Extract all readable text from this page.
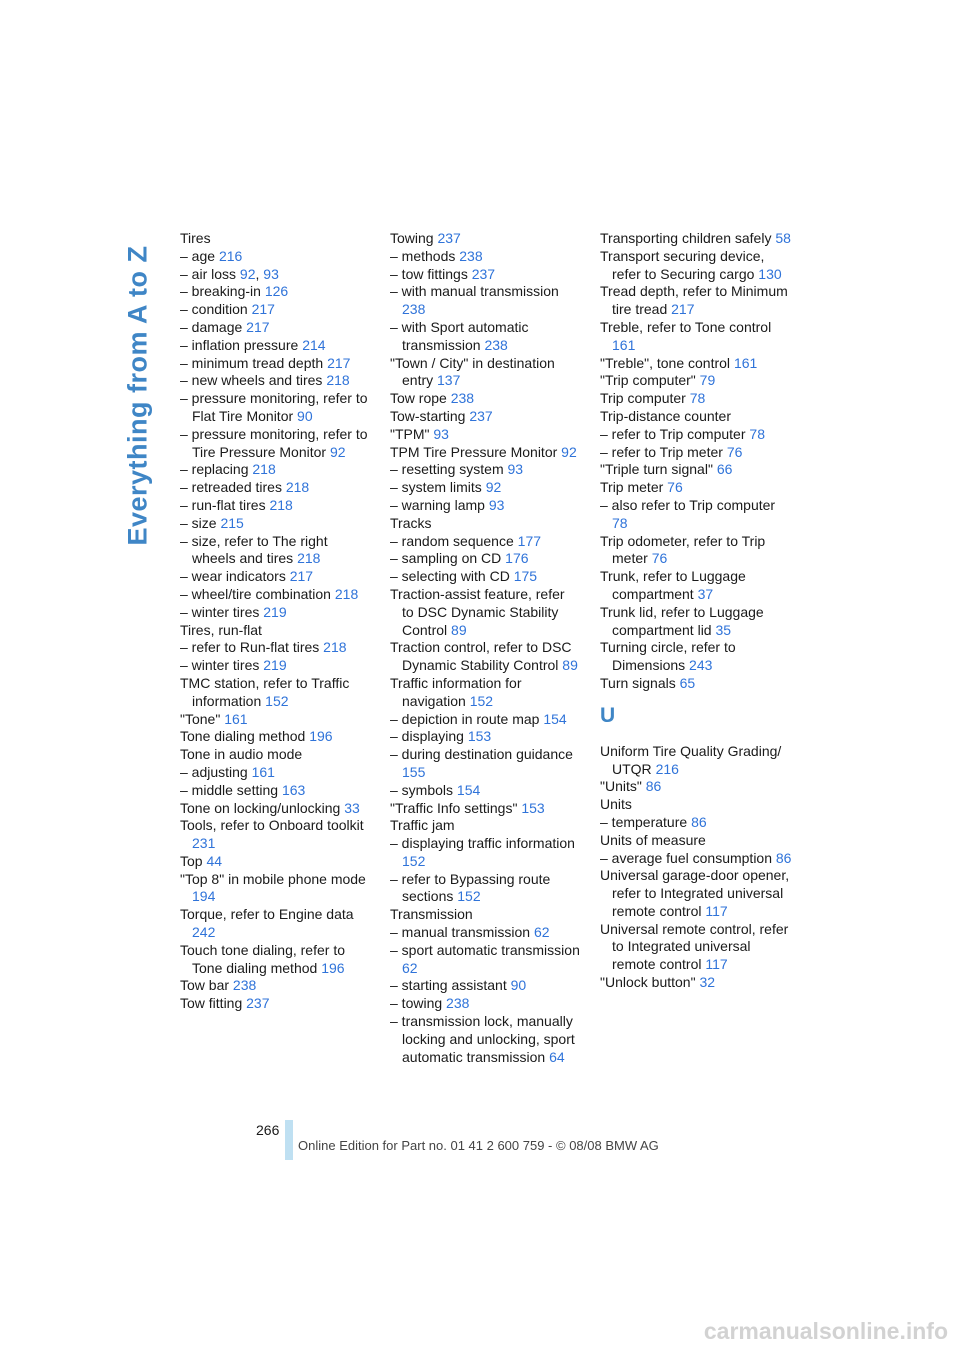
Everything from A to Z
Tires
– age 216
– air loss 92, 93
– breaking-in 126
– condition 217
– damage 217
– inflation pressure 214
– minimum tread depth 217
– new wheels and tires 218
– pressure monitoring, refer to Flat Tire Monitor 90
– pressure monitoring, refer to Tire Pressure Monitor 92
– replacing 218
– retreaded tires 218
– run-flat tires 218
– size 215
– size, refer to The right wheels and tires 218
– wear indicators 217
– wheel/tire combination 218
– winter tires 219
Tires, run-flat
– refer to Run-flat tires 218
– winter tires 219
TMC station, refer to Traffic information 152
"Tone" 161
Tone dialing method 196
Tone in audio mode
– adjusting 161
– middle setting 163
Tone on locking/unlocking 33
Tools, refer to Onboard toolkit 231
Top 44
"Top 8" in mobile phone mode 194
Torque, refer to Engine data 242
Touch tone dialing, refer to Tone dialing method 196
Tow bar 238
Tow fitting 237
Towing 237
– methods 238
– tow fittings 237
– with manual transmission 238
– with Sport automatic transmission 238
"Town / City" in destination entry 137
Tow rope 238
Tow-starting 237
"TPM" 93
TPM Tire Pressure Monitor 92
– resetting system 93
– system limits 92
– warning lamp 93
Tracks
– random sequence 177
– sampling on CD 176
– selecting with CD 175
Traction-assist feature, refer to DSC Dynamic Stability Control 89
Traction control, refer to DSC Dynamic Stability Control 89
Traffic information for navigation 152
– depiction in route map 154
– displaying 153
– during destination guidance 155
– symbols 154
"Traffic Info settings" 153
Traffic jam
– displaying traffic information 152
– refer to Bypassing route sections 152
Transmission
– manual transmission 62
– sport automatic transmission 62
– starting assistant 90
– towing 238
– transmission lock, manually locking and unlocking, sport automatic transmission 64
Transporting children safely 58
Transport securing device, refer to Securing cargo 130
Tread depth, refer to Minimum tire tread 217
Treble, refer to Tone control 161
"Treble", tone control 161
"Trip computer" 79
Trip computer 78
Trip-distance counter
– refer to Trip computer 78
– refer to Trip meter 76
"Triple turn signal" 66
Trip meter 76
– also refer to Trip computer 78
Trip odometer, refer to Trip meter 76
Trunk, refer to Luggage compartment 37
Trunk lid, refer to Luggage compartment lid 35
Turning circle, refer to Dimensions 243
Turn signals 65
U
Uniform Tire Quality Grading/ UTQR 216
"Units" 86
Units
– temperature 86
Units of measure
– average fuel consumption 86
Universal garage-door opener, refer to Integrated universal remote control 117
Universal remote control, refer to Integrated universal remote control 117
"Unlock button" 32
266
Online Edition for Part no. 01 41 2 600 759 - © 08/08 BMW AG
carmanualsonline.info
